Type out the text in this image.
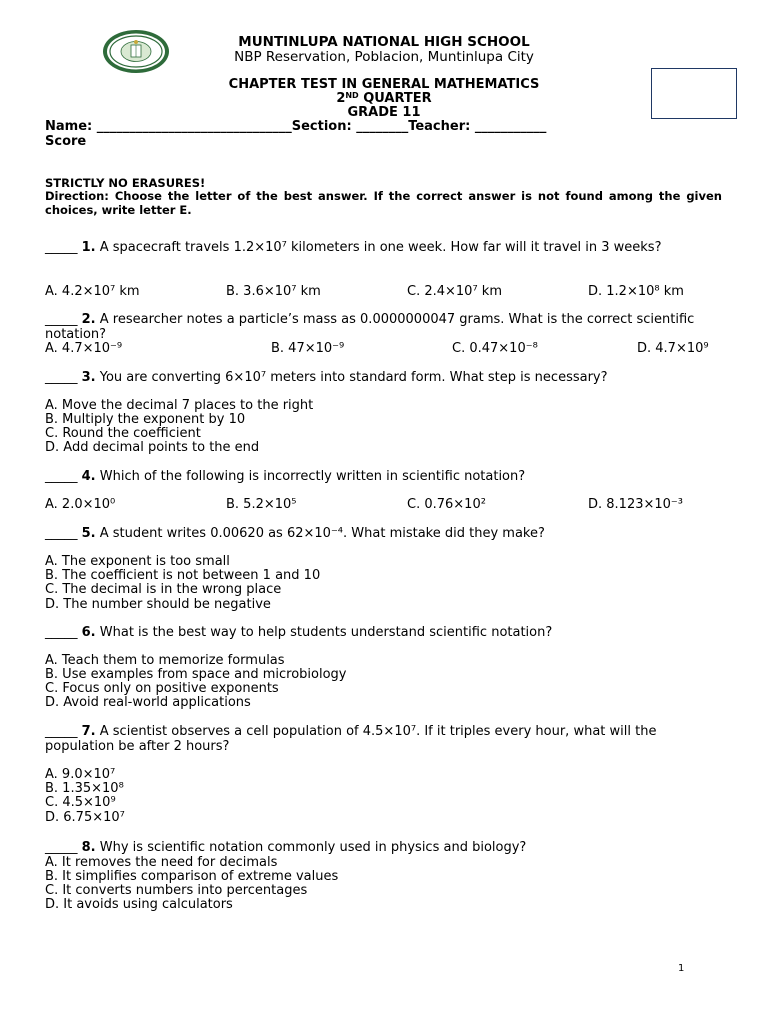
MUNTINLUPA NATIONAL HIGH SCHOOL
NBP Reservation, Poblacion, Muntinlupa City
CHAPTER TEST IN GENERAL MATHEMATICS
2ND QUARTER
GRADE 11
Name: ______________________________Section: ________Teacher: ___________
Score
STRICTLY NO ERASURES!
Direction: Choose the letter of the best answer. If the correct answer is not found among the given choices, write letter E.
_____ 1. A spacecraft travels 1.2×10⁷ kilometers in one week. How far will it travel in 3 weeks?
A. 4.2×10⁷ km	B. 3.6×10⁷ km	C. 2.4×10⁷ km	D. 1.2×10⁸ km
_____ 2. A researcher notes a particle’s mass as 0.0000000047 grams. What is the correct scientific notation?
A. 4.7×10⁻⁹	B. 47×10⁻⁹	C. 0.47×10⁻⁸	D. 4.7×10⁹
_____ 3. You are converting 6×10⁷ meters into standard form. What step is necessary?
A. Move the decimal 7 places to the right
B. Multiply the exponent by 10
C. Round the coefficient
D. Add decimal points to the end
_____ 4. Which of the following is incorrectly written in scientific notation?
A. 2.0×10⁰	B. 5.2×10⁵	C. 0.76×10²	D. 8.123×10⁻³
_____ 5. A student writes 0.00620 as 62×10⁻⁴. What mistake did they make?
A. The exponent is too small
B. The coefficient is not between 1 and 10
C. The decimal is in the wrong place
D. The number should be negative
_____ 6. What is the best way to help students understand scientific notation?
A. Teach them to memorize formulas
B. Use examples from space and microbiology
C. Focus only on positive exponents
D. Avoid real-world applications
_____ 7. A scientist observes a cell population of 4.5×10⁷. If it triples every hour, what will the population be after 2 hours?
A. 9.0×10⁷
B. 1.35×10⁸
C. 4.5×10⁹
D. 6.75×10⁷
_____ 8. Why is scientific notation commonly used in physics and biology?
A. It removes the need for decimals
B. It simplifies comparison of extreme values
C. It converts numbers into percentages
D. It avoids using calculators
1
